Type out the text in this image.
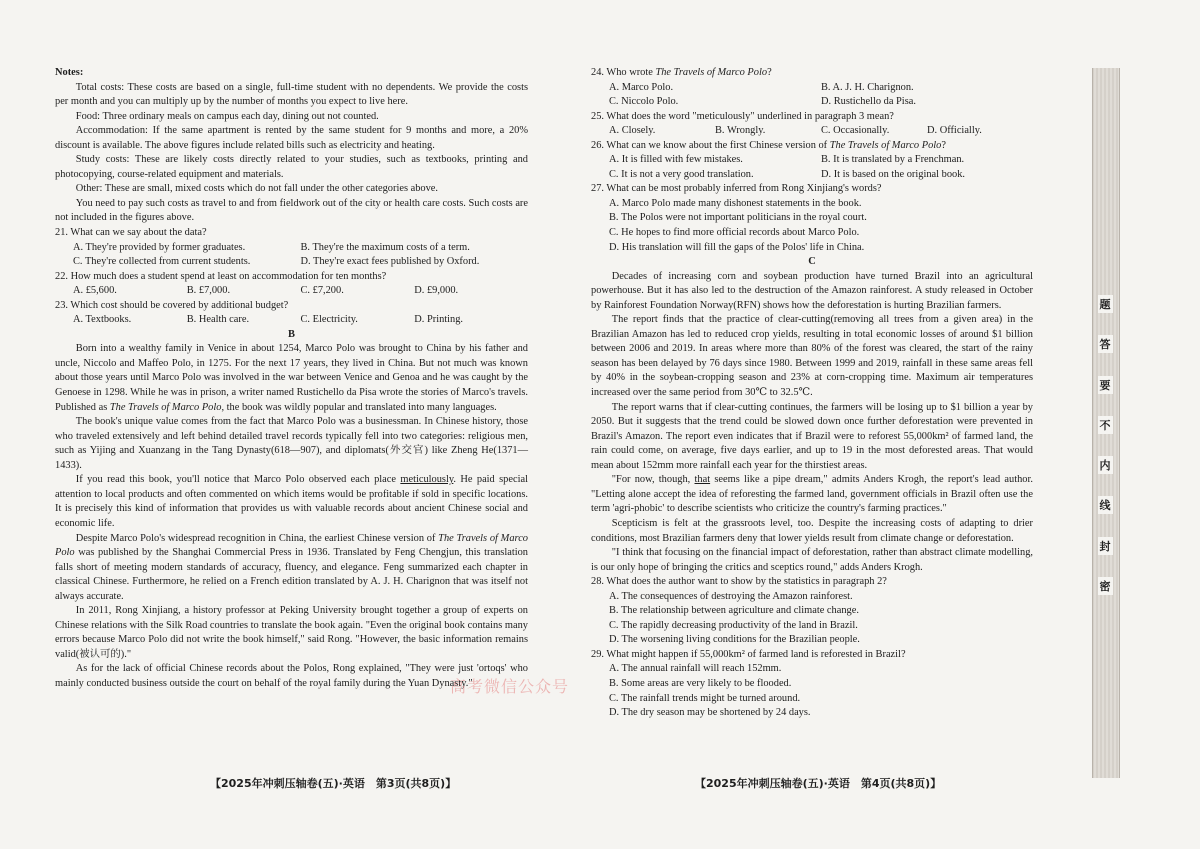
Notes:

Total costs: These costs are based on a single, full-time student with no dependents. We provide the costs per month and you can multiply up by the number of months you expect to live here.

Food: Three ordinary meals on campus each day, dining out not counted.

Accommodation: If the same apartment is rented by the same student for 9 months and more, a 20% discount is available. The above figures include related bills such as electricity and heating.

Study costs: These are likely costs directly related to your studies, such as textbooks, printing and photocopying, course-related equipment and materials.

Other: These are small, mixed costs which do not fall under the other categories above.

You need to pay such costs as travel to and from fieldwork out of the city or health care costs. Such costs are not included in the figures above.

21. What can we say about the data?

A. They're provided by former graduates.	B. They're the maximum costs of a term.
C. They're collected from current students.	D. They're exact fees published by Oxford.

22. How much does a student spend at least on accommodation for ten months?

A. £5,600.	B. £7,000.	C. £7,200.	D. £9,000.

23. Which cost should be covered by additional budget?

A. Textbooks.	B. Health care.	C. Electricity.	D. Printing.

B

Born into a wealthy family in Venice in about 1254, Marco Polo was brought to China by his father and uncle, Niccolo and Maffeo Polo, in 1275. For the next 17 years, they lived in China. But not much was known about those years until Marco Polo was involved in the war between Venice and Genoa and he was caught by the Genoese in 1298. While he was in prison, a writer named Rustichello da Pisa wrote the stories of Marco's travels. Published as The Travels of Marco Polo, the book was wildly popular and translated into many languages.

The book's unique value comes from the fact that Marco Polo was a businessman. In Chinese history, those who traveled extensively and left behind detailed travel records typically fell into two categories: religious men, such as Yijing and Xuanzang in the Tang Dynasty(618—907), and diplomats(外交官) like Zheng He(1371—1433).

If you read this book, you'll notice that Marco Polo observed each place meticulously. He paid special attention to local products and often commented on which items would be profitable if sold in specific locations. It is precisely this kind of information that provides us with valuable records about ancient Chinese social and economic life.

Despite Marco Polo's widespread recognition in China, the earliest Chinese version of The Travels of Marco Polo was published by the Shanghai Commercial Press in 1936. Translated by Feng Chengjun, this translation falls short of meeting modern standards of accuracy, fluency, and elegance. Feng summarized each chapter in classical Chinese. Furthermore, he relied on a French edition translated by A. J. H. Charignon that was itself not always accurate.

In 2011, Rong Xinjiang, a history professor at Peking University brought together a group of experts on Chinese relations with the Silk Road countries to translate the book again. "Even the original book contains many errors because Marco Polo did not write the book himself," said Rong. "However, the basic information remains valid(被认可的)."

As for the lack of official Chinese records about the Polos, Rong explained, "They were just 'ortoqs' who mainly conducted business outside the court on behalf of the royal family during the Yuan Dynasty."

24. Who wrote The Travels of Marco Polo?

A. Marco Polo.	B. A. J. H. Charignon.
C. Niccolo Polo.	D. Rustichello da Pisa.

25. What does the word "meticulously" underlined in paragraph 3 mean?

A. Closely.	B. Wrongly.	C. Occasionally.	D. Officially.

26. What can we know about the first Chinese version of The Travels of Marco Polo?

A. It is filled with few mistakes.	B. It is translated by a Frenchman.
C. It is not a very good translation.	D. It is based on the original book.

27. What can be most probably inferred from Rong Xinjiang's words?

A. Marco Polo made many dishonest statements in the book.

B. The Polos were not important politicians in the royal court.

C. He hopes to find more official records about Marco Polo.

D. His translation will fill the gaps of the Polos' life in China.

C

Decades of increasing corn and soybean production have turned Brazil into an agricultural powerhouse. But it has also led to the destruction of the Amazon rainforest. A study released in October by Rainforest Foundation Norway(RFN) shows how the deforestation is hurting Brazilian farmers.

The report finds that the practice of clear-cutting(removing all trees from a given area) in the Brazilian Amazon has led to reduced crop yields, resulting in total economic losses of around $1 billion between 2006 and 2019. In areas where more than 80% of the forest was cleared, the start of the rainy season has been delayed by 76 days since 1980. Between 1999 and 2019, rainfall in these same areas fell by 40% in the soybean-cropping season and 23% at corn-cropping time. Maximum air temperatures increased over the same period from 30℃ to 32.5℃.

The report warns that if clear-cutting continues, the farmers will be losing up to $1 billion a year by 2050. But it suggests that the trend could be slowed down once further deforestation were prevented in Brazil's Amazon. The report even indicates that if Brazil were to reforest 55,000km² of farmed land, the rain could come, on average, five days earlier, and up to 19 in the most deforested areas. That would mean about 152mm more rainfall each year for the thirstiest areas.

"For now, though, that seems like a pipe dream," admits Anders Krogh, the report's lead author. "Letting alone accept the idea of reforesting the farmed land, government officials in Brazil often use the term 'agri-phobic' to describe scientists who criticize the country's farming practices."

Scepticism is felt at the grassroots level, too. Despite the increasing costs of adapting to drier conditions, most Brazilian farmers deny that lower yields result from climate change or deforestation.

"I think that focusing on the financial impact of deforestation, rather than abstract climate modelling, is our only hope of bringing the critics and sceptics round," adds Anders Krogh.

28. What does the author want to show by the statistics in paragraph 2?

A. The consequences of destroying the Amazon rainforest.

B. The relationship between agriculture and climate change.

C. The rapidly decreasing productivity of the land in Brazil.

D. The worsening living conditions for the Brazilian people.

29. What might happen if 55,000km² of farmed land is reforested in Brazil?

A. The annual rainfall will reach 152mm.

B. Some areas are very likely to be flooded.

C. The rainfall trends might be turned around.

D. The dry season may be shortened by 24 days.

【2025年冲刺压轴卷(五)·英语　第3页(共8页)】	【2025年冲刺压轴卷(五)·英语　第4页(共8页)】
题
答
要
不
内
线
封
密
高考微信公众号
